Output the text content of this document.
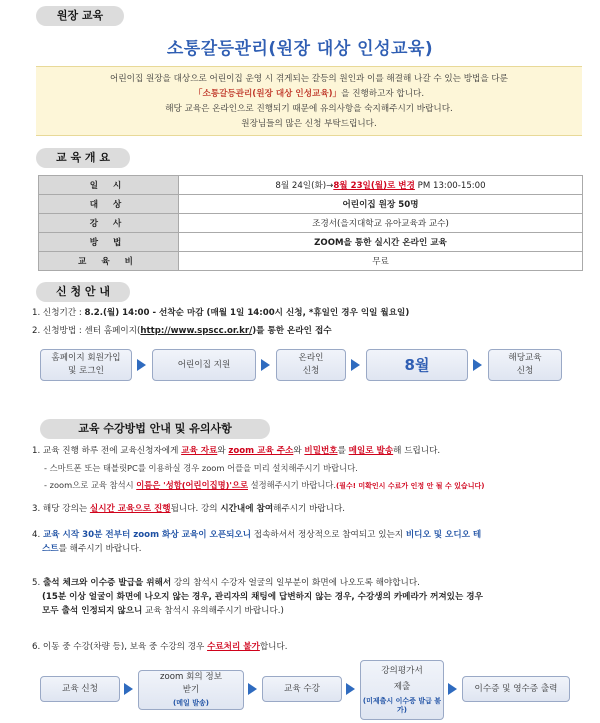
원장 교육
소통갈등관리(원장 대상 인성교육)
어린이집 원장을 대상으로 어린이집 운영 시 겪게되는 갈등의 원인과 이를 해결해 나갈 수 있는 방법을 다룬
「소통갈등관리(원장 대상 인성교육)」을 진행하고자 합니다.
해당 교육은 온라인으로 진행되기 때문에 유의사항을 숙지해주시기 바랍니다.
원장님들의 많은 신청 부탁드립니다.
교 육 개 요
일 시	8월 24일(화)→8월 23일(월)로 변경 PM 13:00-15:00
대 상	어린이집 원장 50명
강 사	조경서(을지대학교 유아교육과 교수)
방 법	ZOOM을 통한 실시간 온라인 교육
교 육 비	무료
신 청 안 내
1. 신청기간 : 8.2.(월) 14:00 - 선착순 마감 (매월 1일 14:00시 신청, *휴일인 경우 익일 월요일)
2. 신청방법 : 센터 홈페이지(http://www.spscc.or.kr/)를 통한 온라인 접수
홈페이지 회원가입
및 로그인
어린이집 지원
온라인
신청	8월	해당교육
신청
교육 수강방법 안내 및 유의사항
1. 교육 진행 하루 전에 교육신청자에게 교육 자료와 zoom 교육 주소와 비밀번호를 메일로 발송해 드립니다.
- 스마트폰 또는 태블릿PC를 이용하실 경우 zoom 어플을 미리 설치해주시기 바랍니다.
- zoom으로 교육 참석시 이름은 '성함(어린이집명)'으로 설정해주시기 바랍니다.(필수! 미확인시 수료가 인정 안 될 수 있습니다)
3. 해당 강의는 실시간 교육으로 진행됩니다. 강의 시간내에 참여해주시기 바랍니다.
4. 교육 시작 30분 전부터 zoom 화상 교육이 오픈되오니 접속하셔서 정상적으로 참여되고 있는지 비디오 및 오디오 테
스트를 해주시기 바랍니다.
5. 출석 체크와 이수증 발급을 위해서 강의 참석시 수강자 얼굴의 일부분이 화면에 나오도록 해야합니다.
(15분 이상 얼굴이 화면에 나오지 않는 경우, 관리자의 채팅에 답변하지 않는 경우, 수강생의 카메라가 꺼져있는 경우
모두 출석 인정되지 않으니 교육 참석시 유의해주시기 바랍니다.)
6. 이동 중 수강(차량 등), 보육 중 수강의 경우 수료처리 불가합니다.
교육 신청
zoom 회의 정보
받기
(메일 발송)
교육 수강
강의평가서
제출
(미제출시 이수증 발급 불가)
이수증 및 영수증 출력
